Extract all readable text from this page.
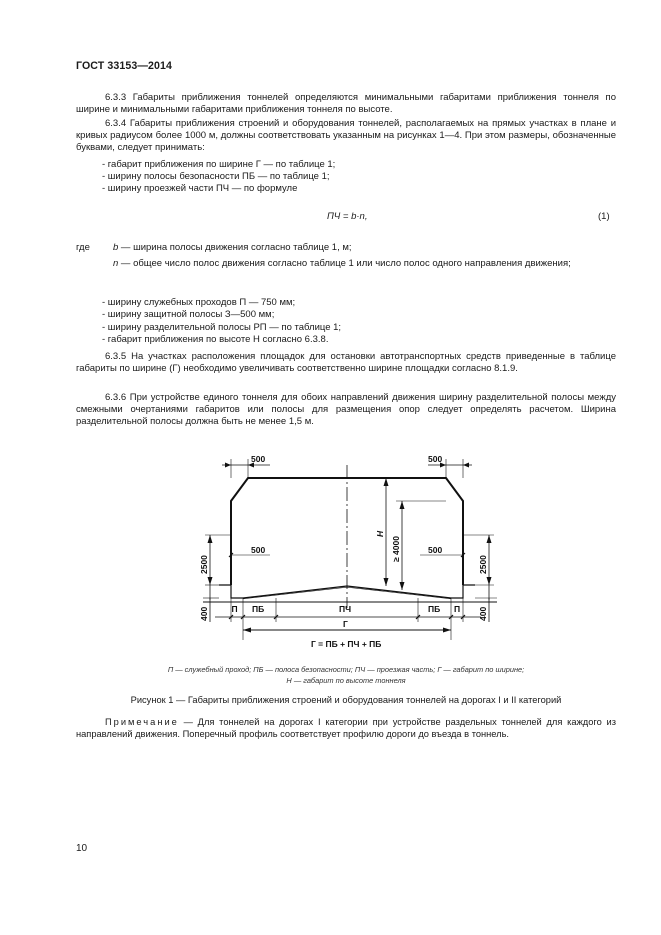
ГОСТ 33153—2014
6.3.3 Габариты приближения тоннелей определяются минимальными габаритами приближения тоннеля по ширине и минимальными габаритами приближения тоннеля по высоте.
6.3.4 Габариты приближения строений и оборудования тоннелей, располагаемых на прямых участках в плане и кривых радиусом более 1000 м, должны соответствовать указанным на рисунках 1—4. При этом размеры, обозначенные буквами, следует принимать:
- габарит приближения по ширине Г — по таблице 1;
- ширину полосы безопасности ПБ — по таблице 1;
- ширину проезжей части ПЧ — по формуле
ПЧ = b·n,	(1)
где b — ширина полосы движения согласно таблице 1, м;
n — общее число полос движения согласно таблице 1 или число полос одного направления движения;
- ширину служебных проходов П — 750 мм;
- ширину защитной полосы З—500 мм;
- ширину разделительной полосы РП — по таблице 1;
- габарит приближения по высоте Н согласно 6.3.8.
6.3.5 На участках расположения площадок для остановки автотранспортных средств приведенные в таблице габариты по ширине (Г) необходимо увеличивать соответственно ширине площадки согласно 8.1.9.
6.3.6 При устройстве единого тоннеля для обоих направлений движения ширину разделительной полосы между смежными очертаниями габаритов или полосы для размещения опор следует определять расчетом. Ширина разделительной полосы должна быть не менее 1,5 м.
500	500
500	500
2500	2500
400	400
H
≥ 4000
П ПБ	ПЧ	ПБ П
Г
Г = ПБ + ПЧ + ПБ
П — служебный проход; ПБ — полоса безопасности; ПЧ — проезжая часть; Г — габарит по ширине;
Н — габарит по высоте тоннеля
Рисунок 1 — Габариты приближения строений и оборудования тоннелей на дорогах I и II категорий
Примечание — Для тоннелей на дорогах I категории при устройстве раздельных тоннелей для каждого из направлений движения. Поперечный профиль соответствует профилю дороги до въезда в тоннель.
10
